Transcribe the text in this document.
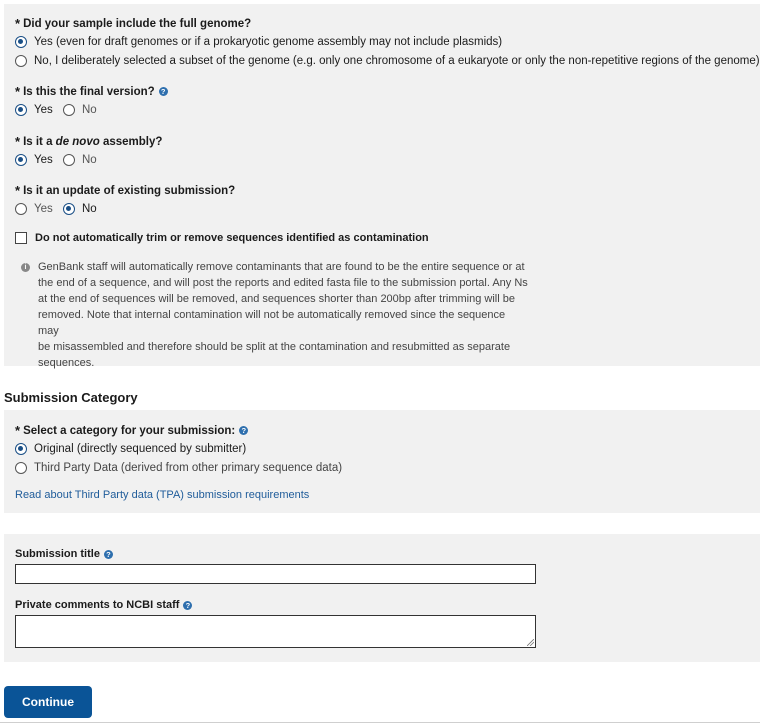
* Did your sample include the full genome?
Yes (even for draft genomes or if a prokaryotic genome assembly may not include plasmids)
No, I deliberately selected a subset of the genome (e.g. only one chromosome of a eukaryote or only the non-repetitive regions of the genome)
* Is this the final version? ?
Yes	No
* Is it a de novo assembly?
Yes	No
* Is it an update of existing submission?
Yes	No
Do not automatically trim or remove sequences identified as contamination
i	GenBank staff will automatically remove contaminants that are found to be the entire sequence or at
the end of a sequence, and will post the reports and edited fasta file to the submission portal. Any Ns
at the end of sequences will be removed, and sequences shorter than 200bp after trimming will be
removed. Note that internal contamination will not be automatically removed since the sequence may
be misassembled and therefore should be split at the contamination and resubmitted as separate
sequences.
Submission Category
* Select a category for your submission: ?
Original (directly sequenced by submitter)
Third Party Data (derived from other primary sequence data)
Read about Third Party data (TPA) submission requirements
Submission title ?
Private comments to NCBI staff ?
Continue
